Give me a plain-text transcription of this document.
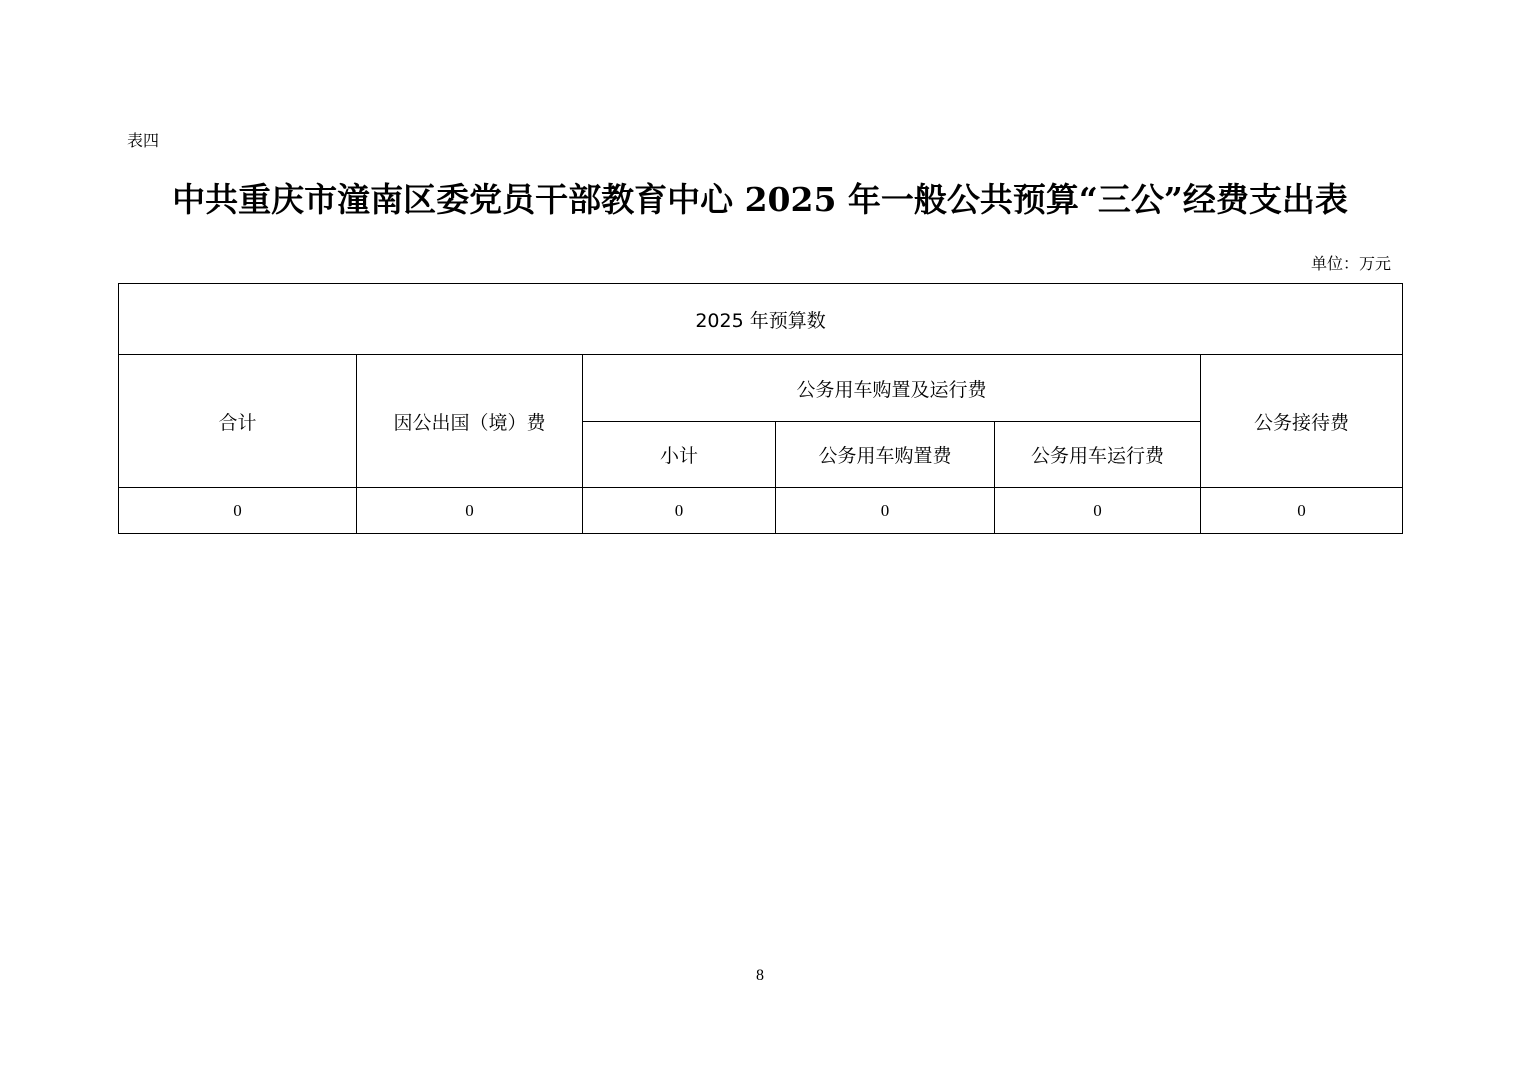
表四
中共重庆市潼南区委党员干部教育中心 2025 年一般公共预算“三公”经费支出表
单位：万元
2025 年预算数					
合计	因公出国（境）费	公务用车购置及运行费			公务接待费
		小计	公务用车购置费	公务用车运行费	
0	0	0	0	0	0
8
